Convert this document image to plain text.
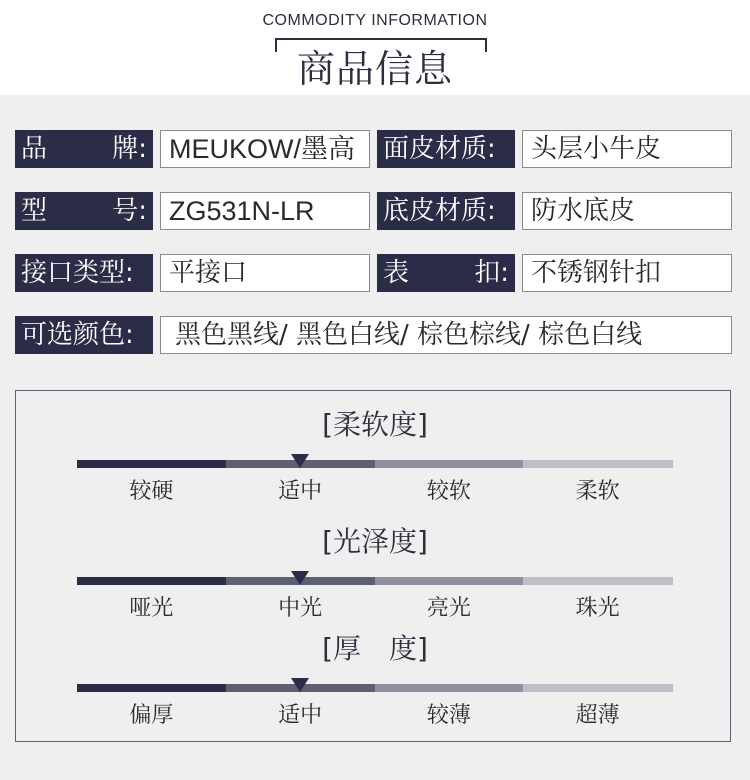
COMMODITY INFORMATION
商品信息
品	牌: MEUKOW/墨高	面皮材质:	头层小牛皮
型	号: ZG531N-LR	底皮材质:	防水底皮
接口类型:	平接口	表	扣: 不锈钢针扣
可选颜色:	黑色黑线/ 黑色白线/ 棕色棕线/ 棕色白线
[柔软度]
较硬	适中	较软	柔软
[光泽度]
哑光	中光	亮光	珠光
[厚　度]
偏厚	适中	较薄	超薄
